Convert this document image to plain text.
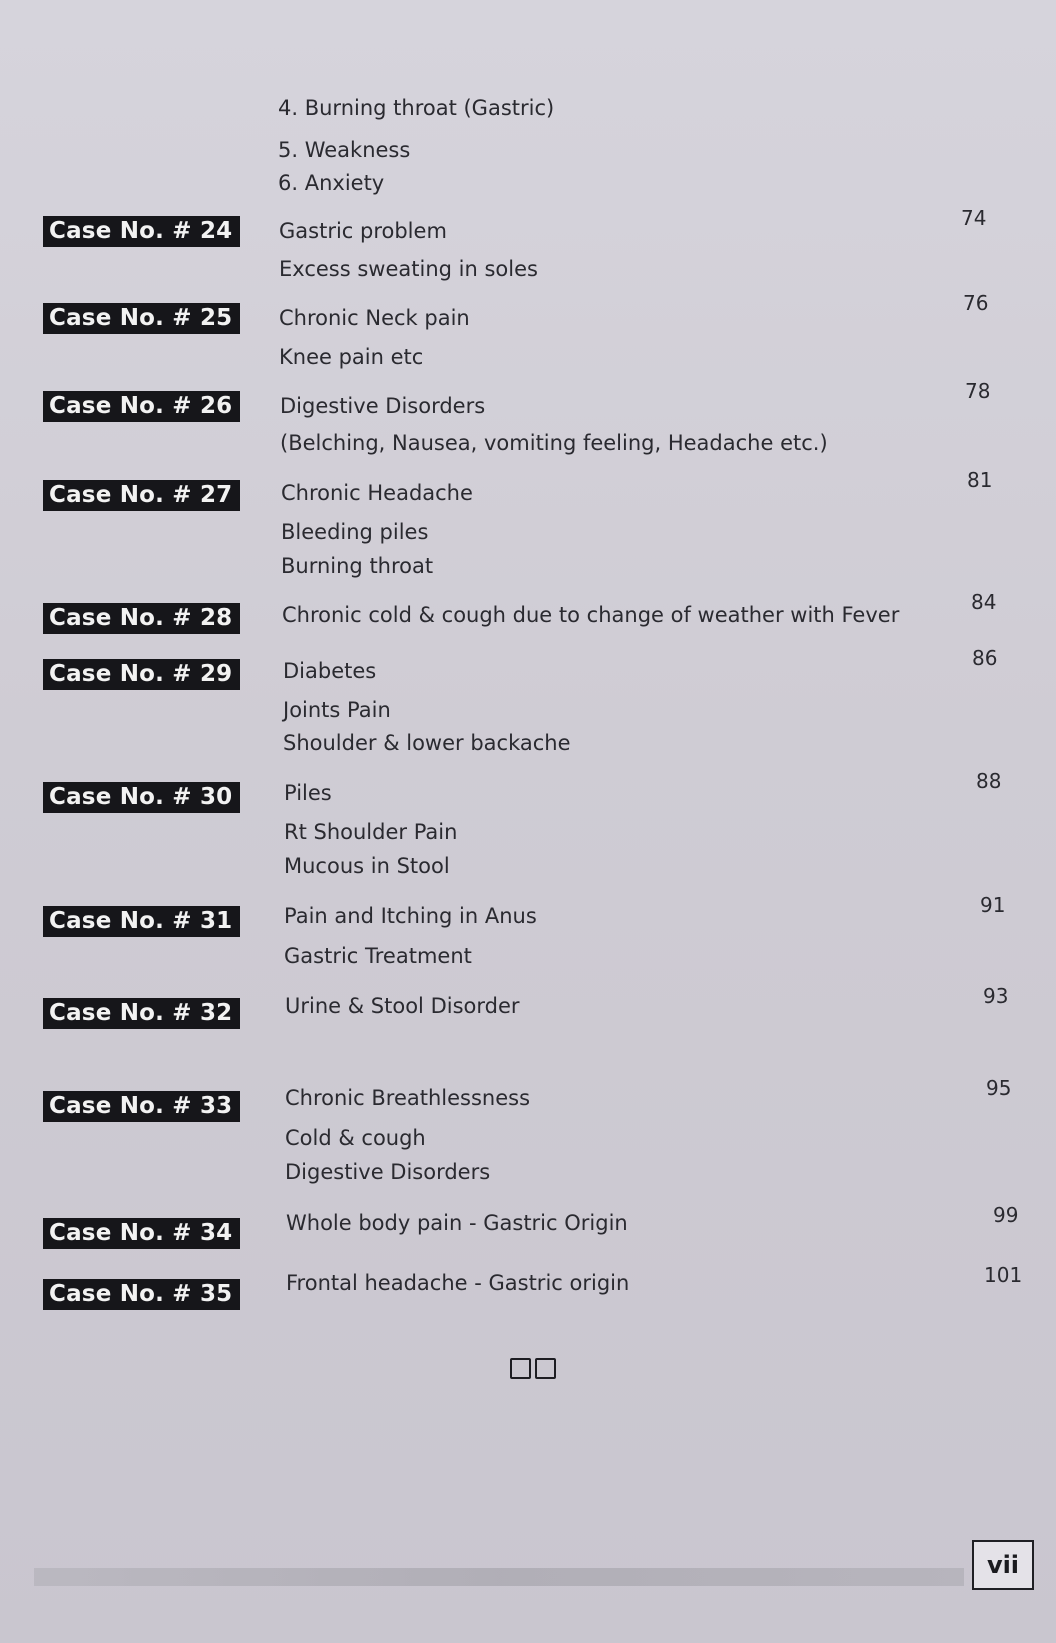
4. Burning throat (Gastric)
5. Weakness
6. Anxiety
Case No. # 24	Gastric problem
Excess sweating in soles
74
Case No. # 25	Chronic Neck pain
Knee pain etc
76
Case No. # 26	Digestive Disorders
(Belching, Nausea, vomiting feeling, Headache etc.)
78
Case No. # 27	Chronic Headache
Bleeding piles
Burning throat
81
Case No. # 28	Chronic cold & cough due to change of weather with Fever
84
Case No. # 29	Diabetes
Joints Pain
Shoulder & lower backache
86
Case No. # 30	Piles
Rt Shoulder Pain
Mucous in Stool
88
Case No. # 31	Pain and Itching in Anus
Gastric Treatment
91
Case No. # 32	Urine & Stool Disorder	93
Case No. # 33	Chronic Breathlessness
Cold & cough
Digestive Disorders
95
Case No. # 34	Whole body pain - Gastric Origin	99
Case No. # 35	Frontal headache - Gastric origin	101
vii
